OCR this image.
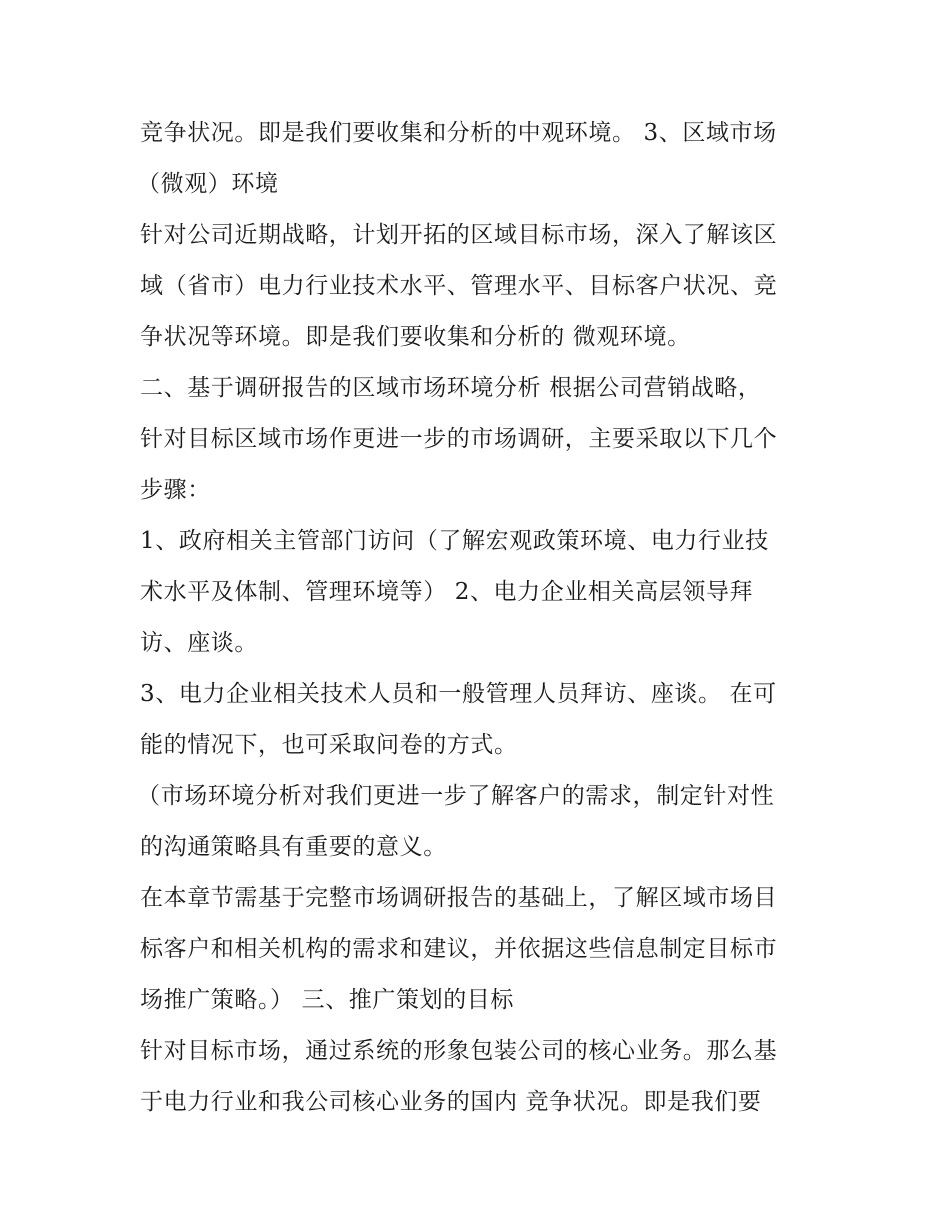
竞争状况。即是我们要收集和分析的中观环境。 3、区域市场
（微观）环境
针对公司近期战略，计划开拓的区域目标市场，深入了解该区
域（省市）电力行业技术水平、管理水平、目标客户状况、竞
争状况等环境。即是我们要收集和分析的 微观环境。
二、基于调研报告的区域市场环境分析 根据公司营销战略，
针对目标区域市场作更进一步的市场调研，主要采取以下几个
步骤：
1、政府相关主管部门访问（了解宏观政策环境、电力行业技
术水平及体制、管理环境等） 2、电力企业相关高层领导拜
访、座谈。
3、电力企业相关技术人员和一般管理人员拜访、座谈。 在可
能的情况下，也可采取问卷的方式。
（市场环境分析对我们更进一步了解客户的需求，制定针对性
的沟通策略具有重要的意义。
在本章节需基于完整市场调研报告的基础上，了解区域市场目
标客户和相关机构的需求和建议，并依据这些信息制定目标市
场推广策略。） 三、推广策划的目标
针对目标市场，通过系统的形象包装公司的核心业务。那么基
于电力行业和我公司核心业务的国内 竞争状况。即是我们要
